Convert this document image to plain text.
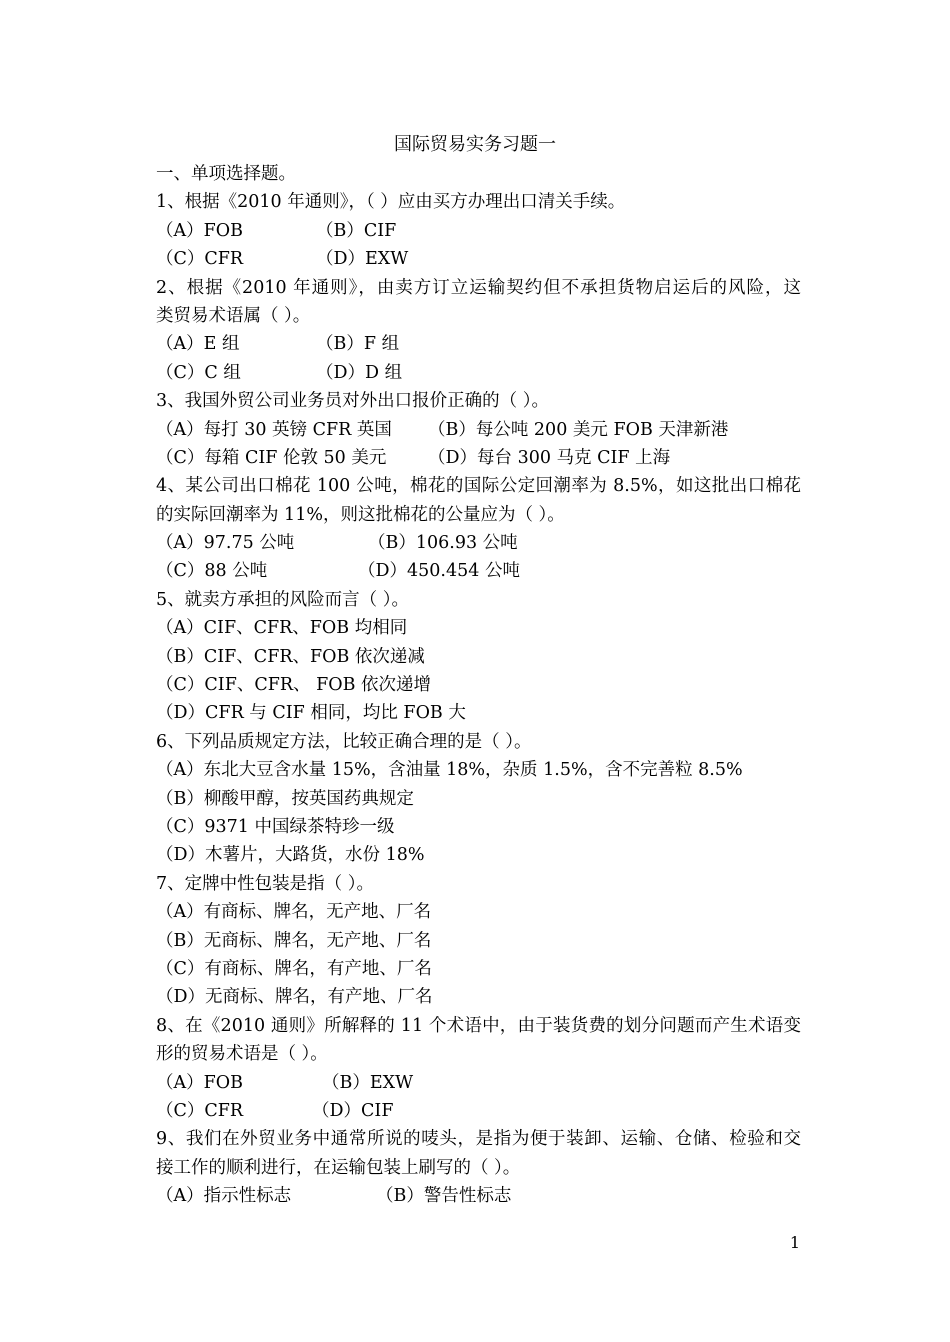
国际贸易实务习题一
一、单项选择题。
1、根据《2010 年通则》，（ ）应由买方办理出口清关手续。
（A）FOB	（B）CIF
（C）CFR	（D）EXW
2、根据《2010 年通则》，由卖方订立运输契约但不承担货物启运后的风险，这
类贸易术语属（ ）。
（A）E 组	（B）F 组
（C）C 组	（D）D 组
3、我国外贸公司业务员对外出口报价正确的（ ）。
（A）每打 30 英镑 CFR 英国 （B）每公吨 200 美元 FOB 天津新港
（C）每箱 CIF 伦敦 50 美元 （D）每台 300 马克 CIF 上海
4、某公司出口棉花 100 公吨，棉花的国际公定回潮率为 8.5%，如这批出口棉花
的实际回潮率为 11%，则这批棉花的公量应为（ ）。
（A）97.75 公吨	（B）106.93 公吨
（C）88 公吨	（D）450.454 公吨
5、就卖方承担的风险而言（ ）。
（A）CIF、CFR、FOB 均相同
（B）CIF、CFR、FOB 依次递减
（C）CIF、CFR、 FOB 依次递增
（D）CFR 与 CIF 相同，均比 FOB 大
6、下列品质规定方法，比较正确合理的是（ ）。
（A）东北大豆含水量 15%，含油量 18%，杂质 1.5%，含不完善粒 8.5%
（B）柳酸甲醇，按英国药典规定
（C）9371 中国绿茶特珍一级
（D）木薯片，大路货，水份 18%
7、定牌中性包装是指（ ）。
（A）有商标、牌名，无产地、厂名
（B）无商标、牌名，无产地、厂名
（C）有商标、牌名，有产地、厂名
（D）无商标、牌名，有产地、厂名
8、在《2010 通则》所解释的 11 个术语中，由于装货费的划分问题而产生术语变
形的贸易术语是（ ）。
（A）FOB	（B）EXW
（C）CFR	（D）CIF
9、我们在外贸业务中通常所说的唛头，是指为便于装卸、运输、仓储、检验和交
接工作的顺利进行，在运输包装上刷写的（ ）。
（A）指示性标志	（B）警告性标志
1
